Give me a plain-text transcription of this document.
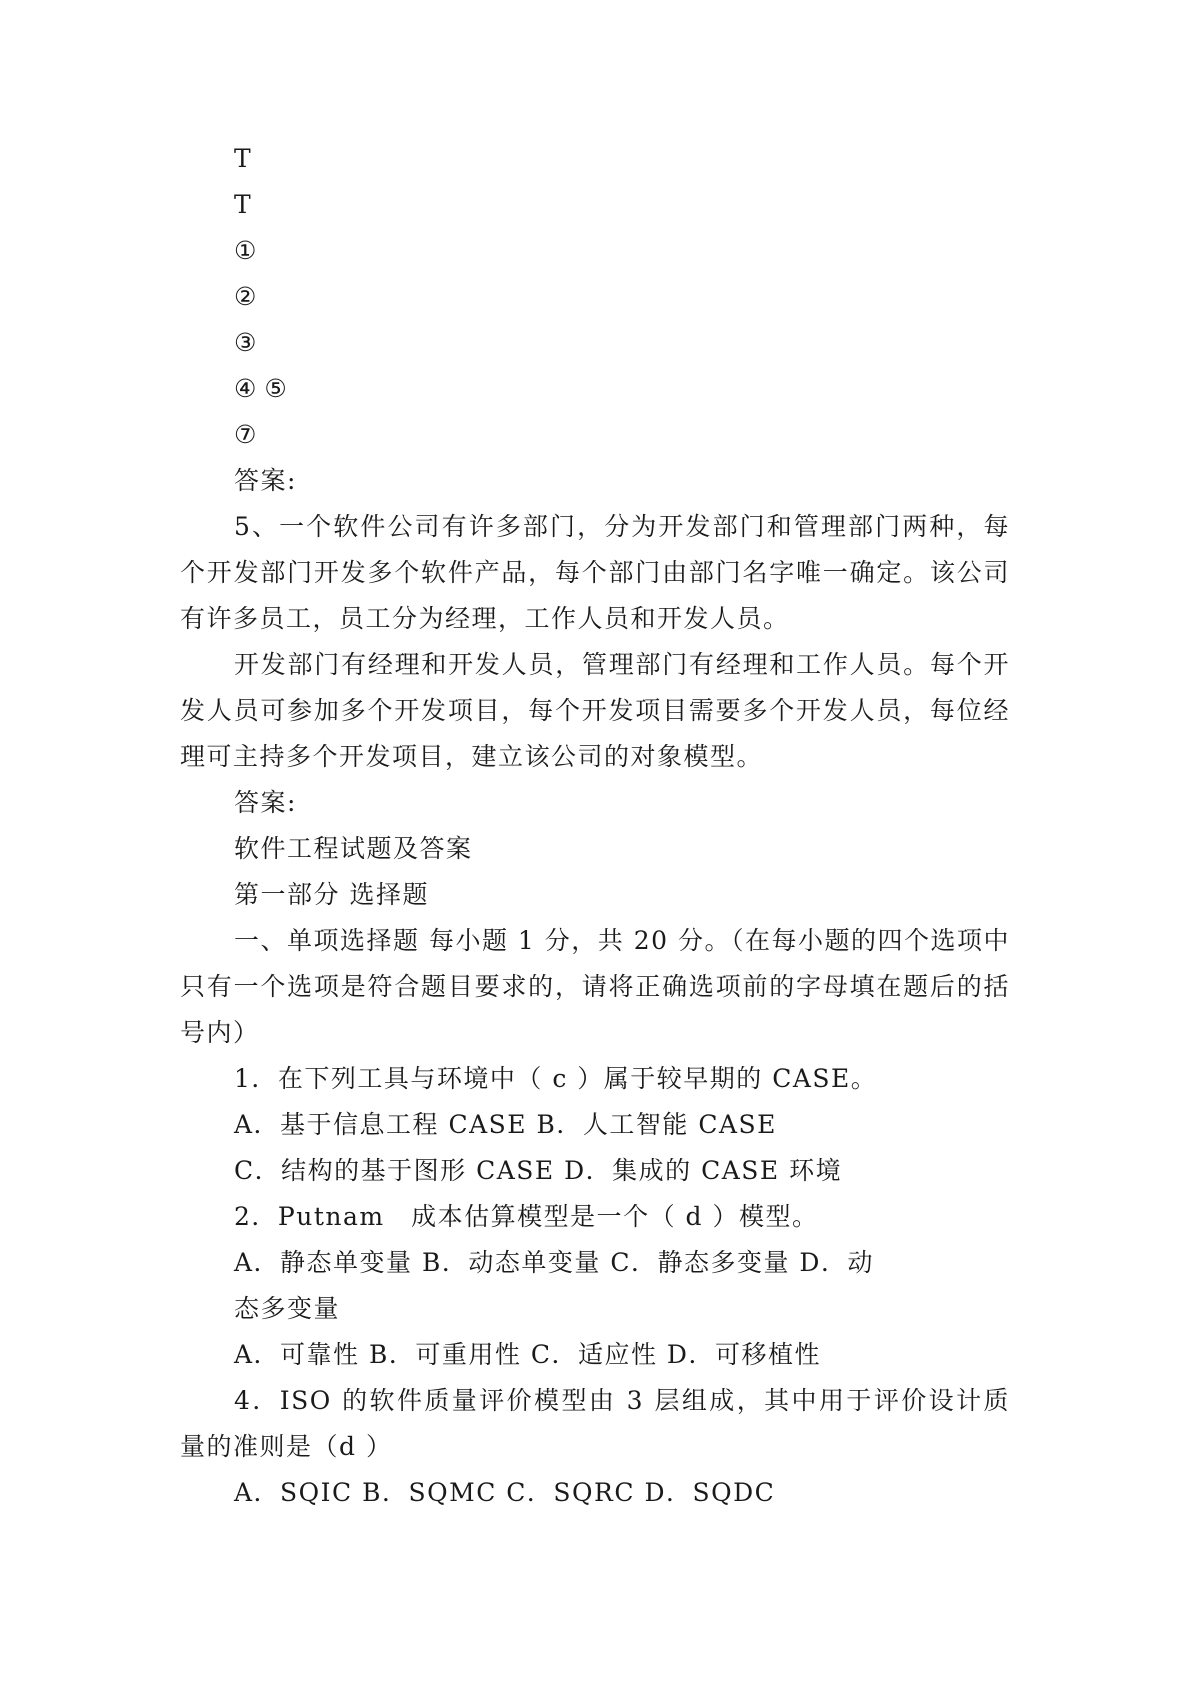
T
T
①
②
③
④ ⑤
⑦
答案:
5、一个软件公司有许多部门，分为开发部门和管理部门两种，每个开发部门开发多个软件产品，每个部门由部门名字唯一确定。该公司有许多员工，员工分为经理，工作人员和开发人员。
开发部门有经理和开发人员，管理部门有经理和工作人员。每个开发人员可参加多个开发项目，每个开发项目需要多个开发人员，每位经理可主持多个开发项目，建立该公司的对象模型。
答案:
软件工程试题及答案
第一部分 选择题
一、单项选择题 每小题 1 分，共 20 分。（在每小题的四个选项中只有一个选项是符合题目要求的，请将正确选项前的字母填在题后的括号内）
1．在下列工具与环境中（ c ）属于较早期的 CASE。
A．基于信息工程 CASE B．人工智能 CASE
C．结构的基于图形 CASE D．集成的 CASE 环境
2．Putnam　成本估算模型是一个（ d ）模型。
A．静态单变量 B．动态单变量 C．静态多变量 D．动
态多变量
A．可靠性 B．可重用性 C．适应性 D．可移植性
4．ISO 的软件质量评价模型由 3 层组成，其中用于评价设计质量的准则是（d ）
A．SQIC B．SQMC C．SQRC D．SQDC
